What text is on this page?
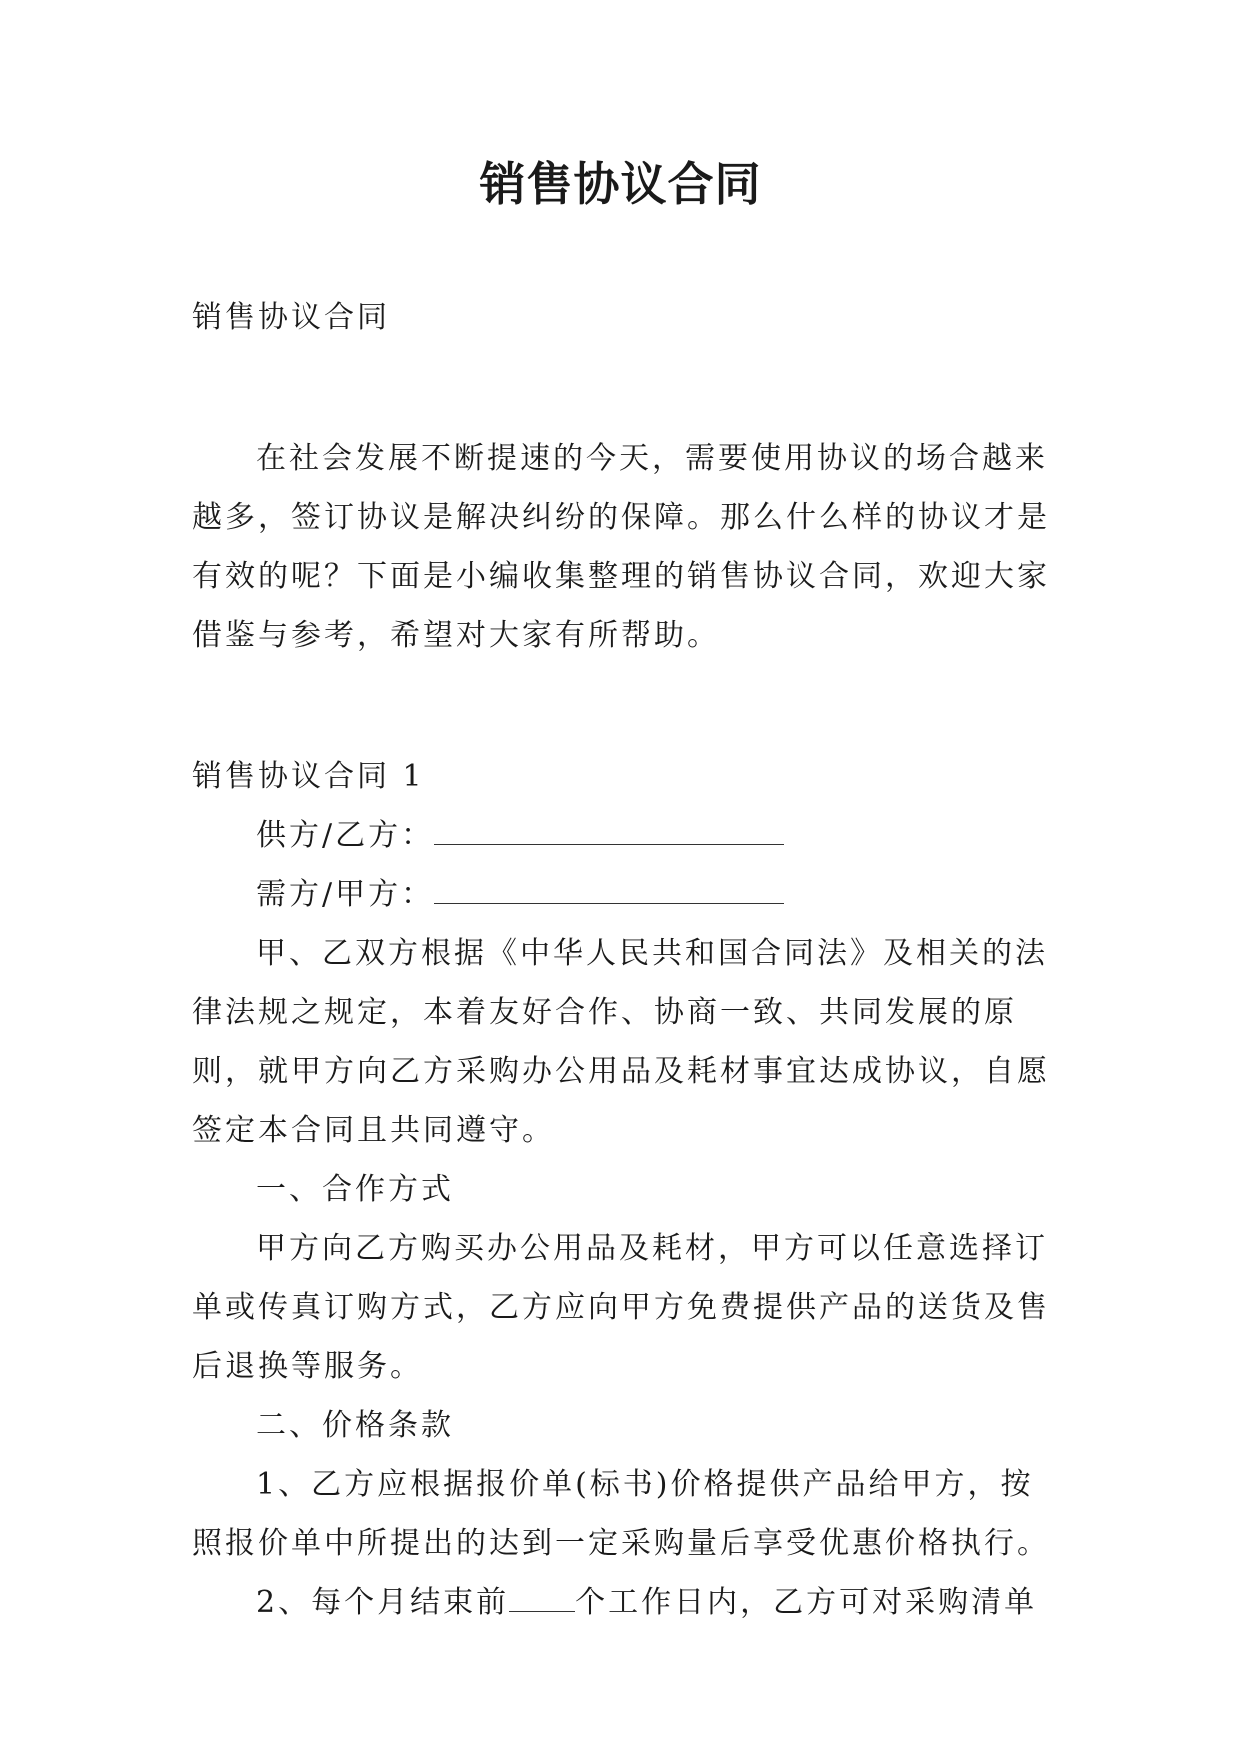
销售协议合同

销售协议合同

在社会发展不断提速的今天，需要使用协议的场合越来越多，签订协议是解决纠纷的保障。那么什么样的协议才是有效的呢？下面是小编收集整理的销售协议合同，欢迎大家借鉴与参考，希望对大家有所帮助。

销售协议合同 1

供方/乙方：

需方/甲方：

甲、乙双方根据《中华人民共和国合同法》及相关的法律法规之规定，本着友好合作、协商一致、共同发展的原则，就甲方向乙方采购办公用品及耗材事宜达成协议，自愿签定本合同且共同遵守。

一、合作方式

甲方向乙方购买办公用品及耗材，甲方可以任意选择订单或传真订购方式，乙方应向甲方免费提供产品的送货及售后退换等服务。

二、价格条款

1、乙方应根据报价单(标书)价格提供产品给甲方，按照报价单中所提出的达到一定采购量后享受优惠价格执行。

2、每个月结束前 个工作日内，乙方可对采购清单
